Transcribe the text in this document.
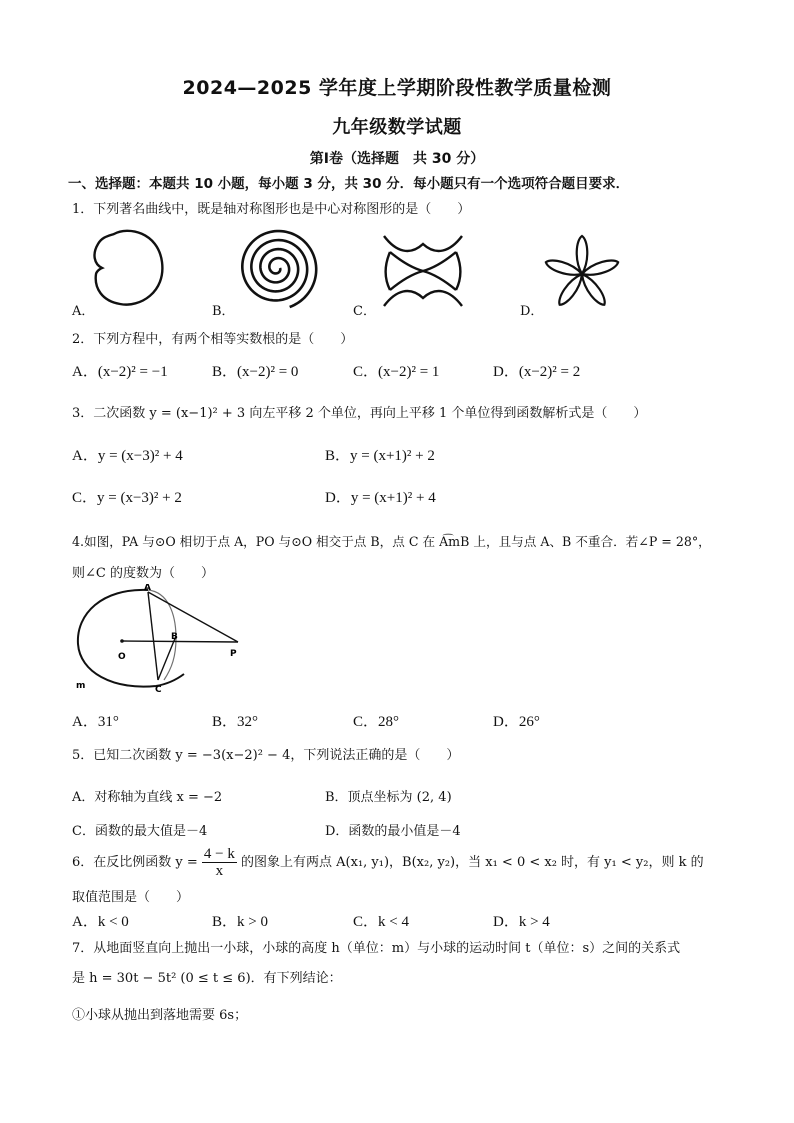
2024—2025 学年度上学期阶段性教学质量检测
九年级数学试题
第Ⅰ卷（选择题　共 30 分）
一、选择题：本题共 10 小题，每小题 3 分，共 30 分．每小题只有一个选项符合题目要求．
1．下列著名曲线中，既是轴对称图形也是中心对称图形的是（　　）
A．	B．	C．	D．
2．下列方程中，有两个相等实数根的是（　　）
A．(x−2)² = −1	B．(x−2)² = 0	C．(x−2)² = 1	D．(x−2)² = 2
3．二次函数 y = (x−1)² + 3 向左平移 2 个单位，再向上平移 1 个单位得到函数解析式是（　　）
A．y = (x−3)² + 4	B．y = (x+1)² + 2
C．y = (x−3)² + 2	D．y = (x+1)² + 4
4.如图，PA 与⊙O 相切于点 A，PO 与⊙O 相交于点 B，点 C 在 A͡mB 上，且与点 A、B 不重合．若∠P = 28°，
则∠C 的度数为（　　）
A
B
O	P
C
m
A．31°	B．32°	C．28°	D．26°
5．已知二次函数 y = −3(x−2)² − 4，下列说法正确的是（　　）
A．对称轴为直线 x = −2	B．顶点坐标为 (2, 4)
C．函数的最大值是－4	D．函数的最小值是－4
6．在反比例函数 $y = \frac{4 - k}{x}$ 的图象上有两点 A(x₁, y₁)，B(x₂, y₂)，当 x₁ < 0 < x₂ 时，有 y₁ < y₂，则 k 的
取值范围是（　　）
A．k < 0	B．k > 0	C．k < 4	D．k > 4
7．从地面竖直向上抛出一小球，小球的高度 h（单位：m）与小球的运动时间 t（单位：s）之间的关系式
是 h = 30t − 5t² (0 ≤ t ≤ 6)．有下列结论：
①小球从抛出到落地需要 6s；
